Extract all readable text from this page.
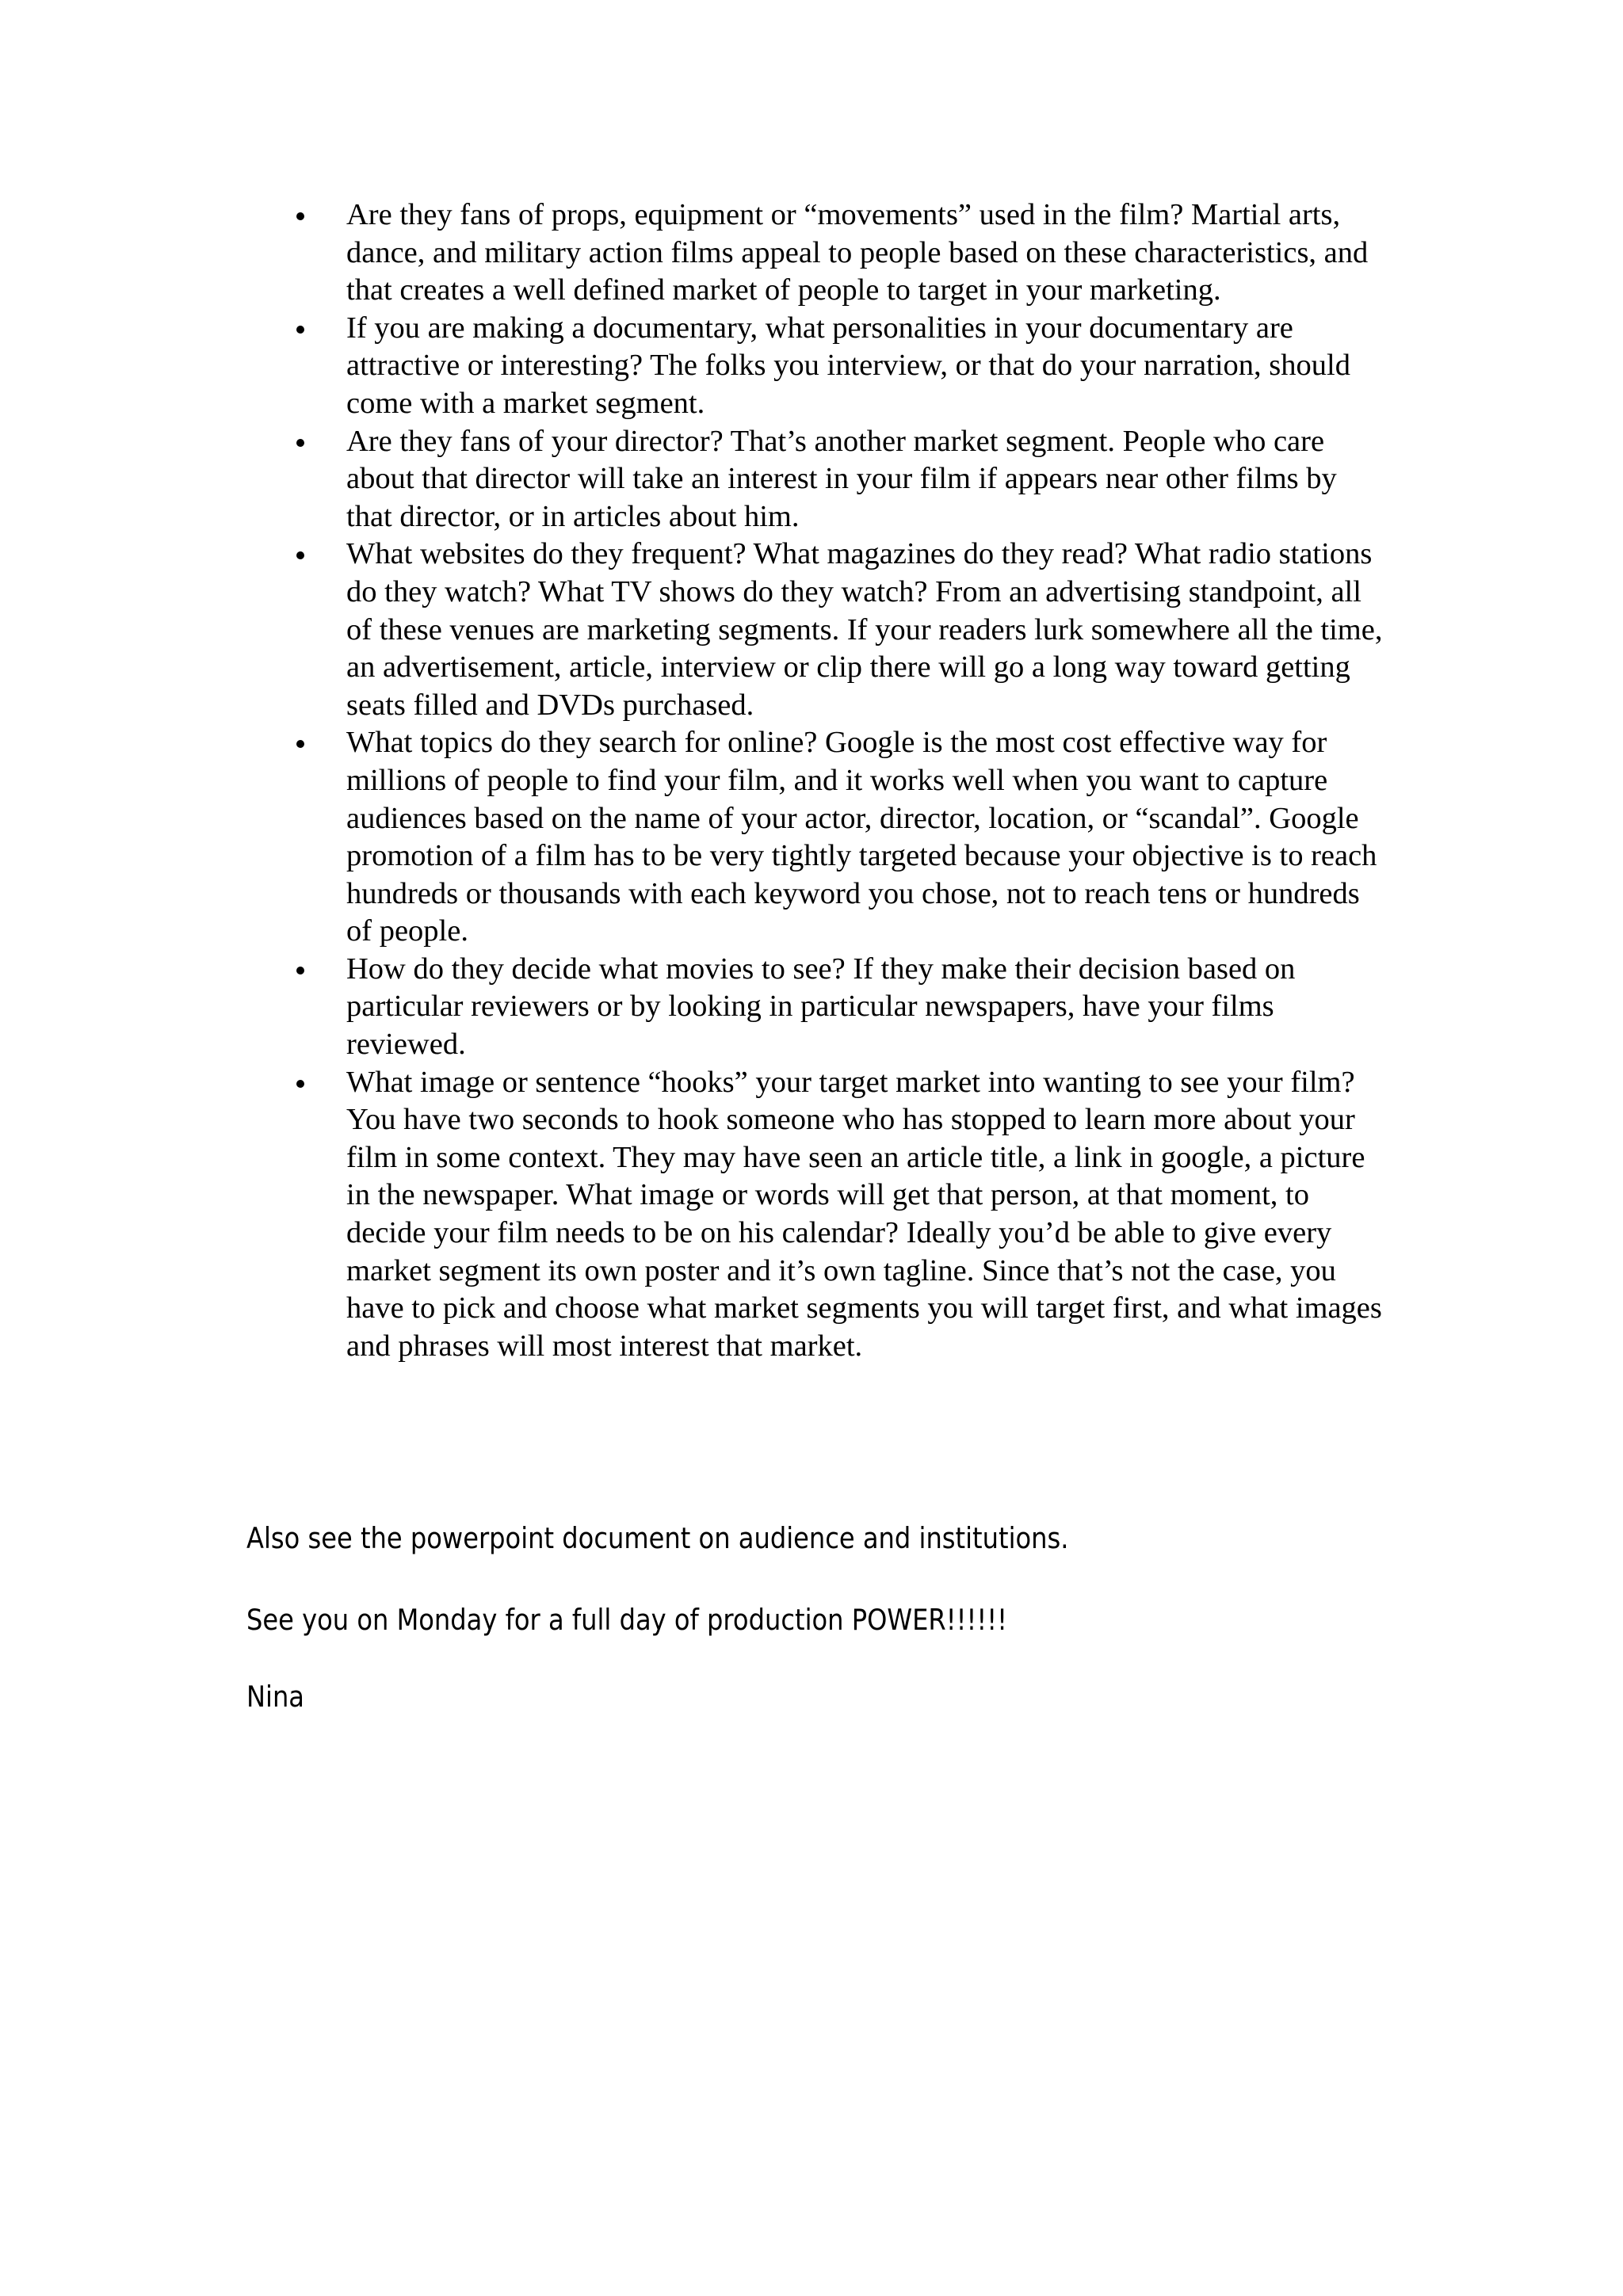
Are they fans of props, equipment or “movements” used in the film? Martial arts, dance, and military action films appeal to people based on these characteristics, and that creates a well defined market of people to target in your marketing.
If you are making a documentary, what personalities in your documentary are attractive or interesting? The folks you interview, or that do your narration, should come with a market segment.
Are they fans of your director? That’s another market segment. People who care about that director will take an interest in your film if appears near other films by that director, or in articles about him.
What websites do they frequent? What magazines do they read? What radio stations do they watch? What TV shows do they watch? From an advertising standpoint, all of these venues are marketing segments. If your readers lurk somewhere all the time, an advertisement, article, interview or clip there will go a long way toward getting seats filled and DVDs purchased.
What topics do they search for online? Google is the most cost effective way for millions of people to find your film, and it works well when you want to capture audiences based on the name of your actor, director, location, or “scandal”. Google promotion of a film has to be very tightly targeted because your objective is to reach hundreds or thousands with each keyword you chose, not to reach tens or hundreds of people.
How do they decide what movies to see? If they make their decision based on particular reviewers or by looking in particular newspapers, have your films reviewed.
What image or sentence “hooks” your target market into wanting to see your film? You have two seconds to hook someone who has stopped to learn more about your film in some context. They may have seen an article title, a link in google, a picture in the newspaper. What image or words will get that person, at that moment, to decide your film needs to be on his calendar? Ideally you’d be able to give every market segment its own poster and it’s own tagline. Since that’s not the case, you have to pick and choose what market segments you will target first, and what images and phrases will most interest that market.

Also see the powerpoint document on audience and institutions.

See you on Monday for a full day of production POWER!!!!!!

Nina
